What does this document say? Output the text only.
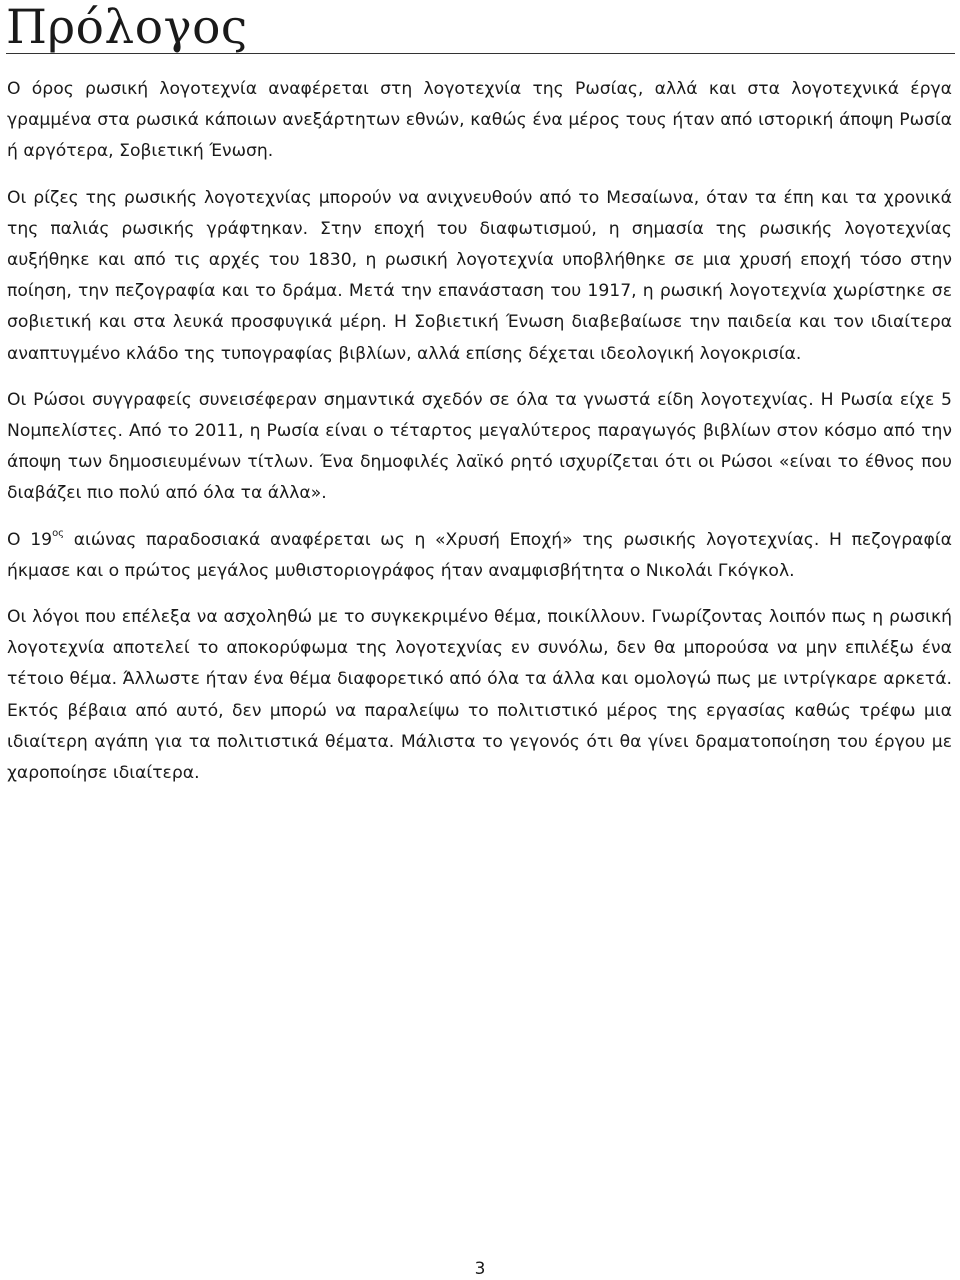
Πρόλογος

Ο όρος ρωσική λογοτεχνία αναφέρεται στη λογοτεχνία της Ρωσίας, αλλά και στα λογοτεχνικά έργα γραμμένα στα ρωσικά κάποιων ανεξάρτητων εθνών, καθώς ένα μέρος τους ήταν από ιστορική άποψη Ρωσία ή αργότερα, Σοβιετική Ένωση.

Οι ρίζες της ρωσικής λογοτεχνίας μπορούν να ανιχνευθούν από το Μεσαίωνα, όταν τα έπη και τα χρονικά της παλιάς ρωσικής γράφτηκαν. Στην εποχή του διαφωτισμού, η σημασία της ρωσικής λογοτεχνίας αυξήθηκε και από τις αρχές του 1830, η ρωσική λογοτεχνία υποβλήθηκε σε μια χρυσή εποχή τόσο στην ποίηση, την πεζογραφία και το δράμα. Μετά την επανάσταση του 1917, η ρωσική λογοτεχνία χωρίστηκε σε σοβιετική και στα λευκά προσφυγικά μέρη. Η Σοβιετική Ένωση διαβεβαίωσε την παιδεία και τον ιδιαίτερα αναπτυγμένο κλάδο της τυπογραφίας βιβλίων, αλλά επίσης δέχεται ιδεολογική λογοκρισία.

Οι Ρώσοι συγγραφείς συνεισέφεραν σημαντικά σχεδόν σε όλα τα γνωστά είδη λογοτεχνίας. Η Ρωσία είχε 5 Νομπελίστες. Από το 2011, η Ρωσία είναι ο τέταρτος μεγαλύτερος παραγωγός βιβλίων στον κόσμο από την άποψη των δημοσιευμένων τίτλων. Ένα δημοφιλές λαϊκό ρητό ισχυρίζεται ότι οι Ρώσοι «είναι το έθνος που διαβάζει πιο πολύ από όλα τα άλλα».

Ο $19^{o\varsigma}$ αιώνας παραδοσιακά αναφέρεται ως η «Χρυσή Εποχή» της ρωσικής λογοτεχνίας. Η πεζογραφία ήκμασε και ο πρώτος μεγάλος μυθιστοριογράφος ήταν αναμφισβήτητα ο Νικολάι Γκόγκολ.

Οι λόγοι που επέλεξα να ασχοληθώ με το συγκεκριμένο θέμα, ποικίλλουν. Γνωρίζοντας λοιπόν πως η ρωσική λογοτεχνία αποτελεί το αποκορύφωμα της λογοτεχνίας εν συνόλω, δεν θα μπορούσα να μην επιλέξω ένα τέτοιο θέμα. Άλλωστε ήταν ένα θέμα διαφορετικό από όλα τα άλλα και ομολογώ πως με ιντρίγκαρε αρκετά. Εκτός βέβαια από αυτό, δεν μπορώ να παραλείψω το πολιτιστικό μέρος της εργασίας καθώς τρέφω μια ιδιαίτερη αγάπη για τα πολιτιστικά θέματα. Μάλιστα το γεγονός ότι θα γίνει δραματοποίηση του έργου με χαροποίησε ιδιαίτερα.

3
